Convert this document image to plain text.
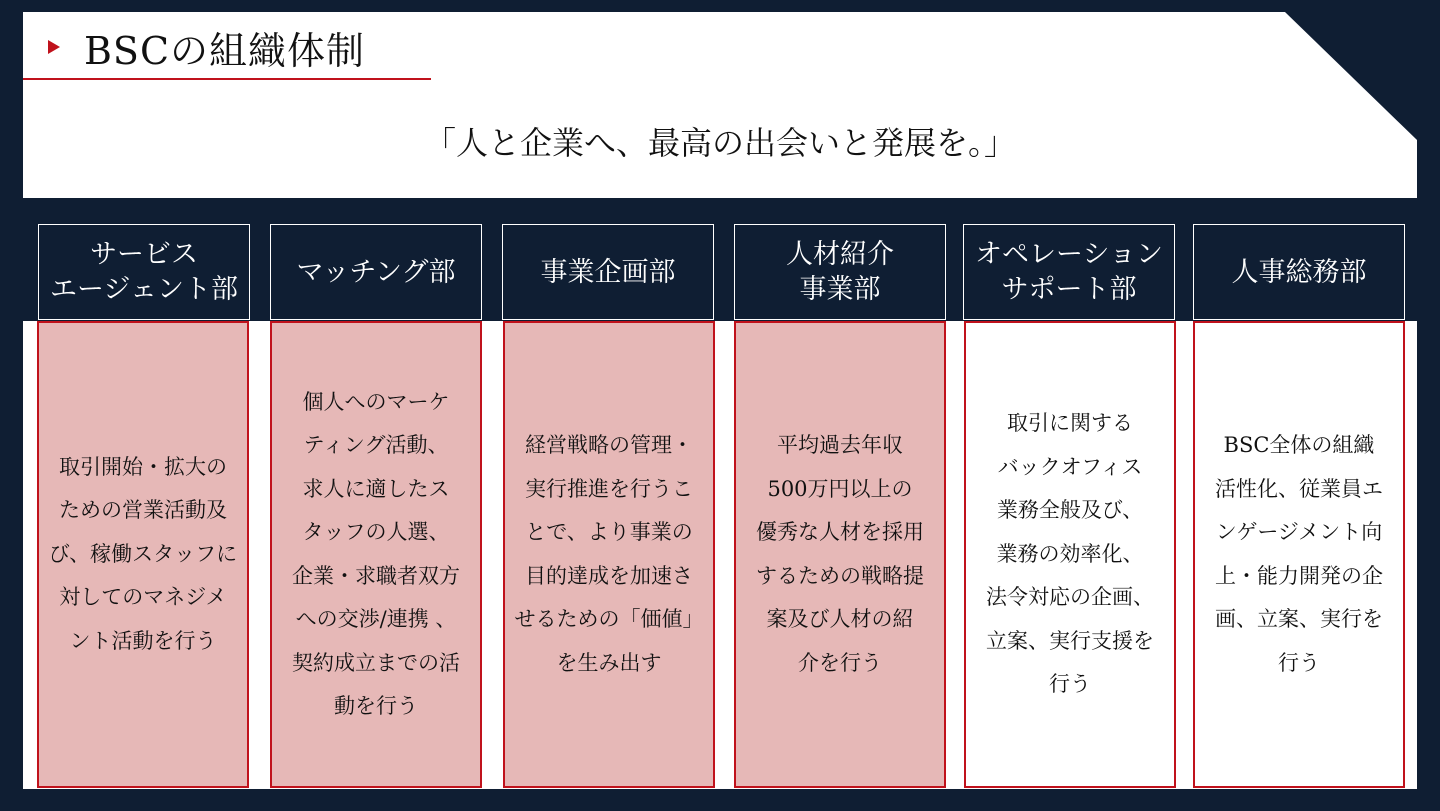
BSCの組織体制
「人と企業へ、最高の出会いと発展を。」
サービス
エージェント部
取引開始・拡大の
ための営業活動及
び、稼働スタッフに
対してのマネジメ
ント活動を行う
マッチング部
個人へのマーケ
ティング活動、
求人に適したス
タッフの人選、
企業・求職者双方
への交渉/連携 、
契約成立までの活
動を行う
事業企画部
経営戦略の管理・
実行推進を行うこ
とで、より事業の
目的達成を加速さ
せるための「価値」
を生み出す
人材紹介
事業部
平均過去年収
500万円以上の
優秀な人材を採用
するための戦略提
案及び人材の紹
介を行う
オペレーション
サポート部
取引に関する
バックオフィス
業務全般及び、
業務の効率化、
法令対応の企画、
立案、実行支援を
行う
人事総務部
BSC全体の組織
活性化、従業員エ
ンゲージメント向
上・能力開発の企
画、立案、実行を
行う
